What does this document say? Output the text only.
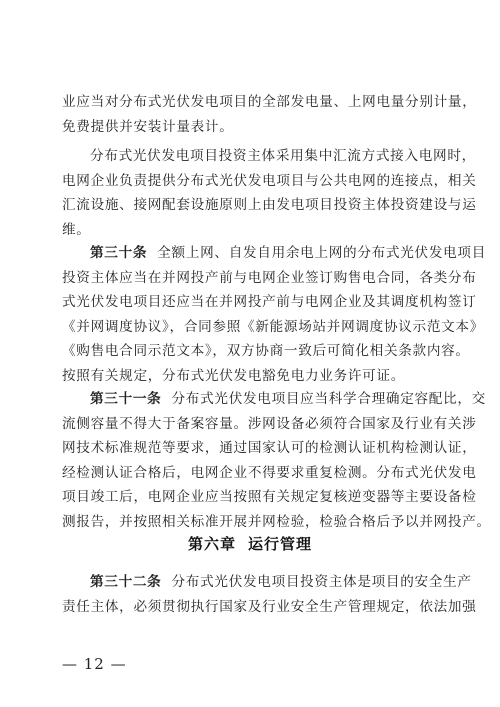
业应当对分布式光伏发电项目的全部发电量、上网电量分别计量，
免费提供并安装计量表计。
分布式光伏发电项目投资主体采用集中汇流方式接入电网时，
电网企业负责提供分布式光伏发电项目与公共电网的连接点，相关
汇流设施、接网配套设施原则上由发电项目投资主体投资建设与运
维。
第三十条 全额上网、自发自用余电上网的分布式光伏发电项目
投资主体应当在并网投产前与电网企业签订购售电合同，各类分布
式光伏发电项目还应当在并网投产前与电网企业及其调度机构签订
《并网调度协议》，合同参照《新能源场站并网调度协议示范文本》
《购售电合同示范文本》，双方协商一致后可简化相关条款内容。
按照有关规定，分布式光伏发电豁免电力业务许可证。
第三十一条 分布式光伏发电项目应当科学合理确定容配比，交
流侧容量不得大于备案容量。涉网设备必须符合国家及行业有关涉
网技术标准规范等要求，通过国家认可的检测认证机构检测认证，
经检测认证合格后，电网企业不得要求重复检测。分布式光伏发电
项目竣工后，电网企业应当按照有关规定复核逆变器等主要设备检
测报告，并按照相关标准开展并网检验，检验合格后予以并网投产。
第六章 运行管理
第三十二条 分布式光伏发电项目投资主体是项目的安全生产
责任主体，必须贯彻执行国家及行业安全生产管理规定，依法加强
— 12 —
